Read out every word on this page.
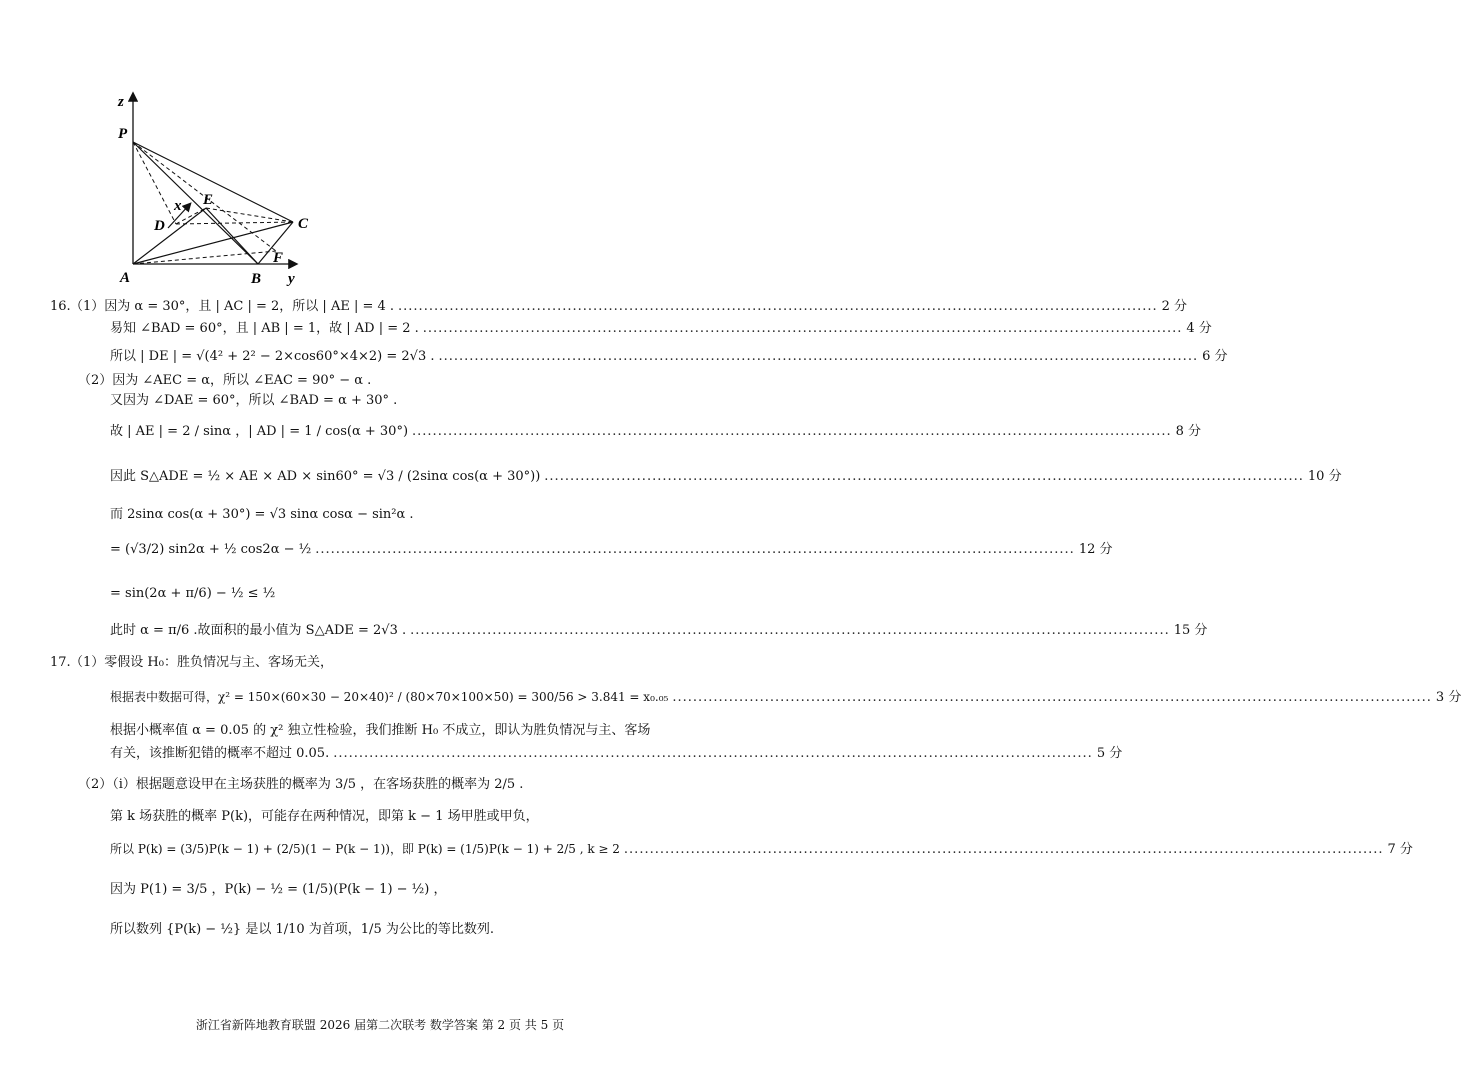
z
P
E
x
D	C
F
A	B y
16. （1）因为 α = 30°，且 | AC | = 2，所以 | AE | = 4 . .................................................................................................................................................... 2 分
易知 ∠BAD = 60°，且 | AB | = 1，故 | AD | = 2 . .................................................................................................................................................... 4 分
所以 | DE | = √(4² + 2² − 2×cos60°×4×2) = 2√3 . .................................................................................................................................................... 6 分
（2）因为 ∠AEC = α，所以 ∠EAC = 90° − α .
又因为 ∠DAE = 60°，所以 ∠BAD = α + 30° .
故 | AE | = 2 / sinα ，| AD | = 1 / cos(α + 30°) .................................................................................................................................................... 8 分
因此 S△ADE = ½ × AE × AD × sin60° = √3 / (2sinα cos(α + 30°)) .................................................................................................................................................... 10 分
而 2sinα cos(α + 30°) = √3 sinα cosα − sin²α .
= (√3/2) sin2α + ½ cos2α − ½ .................................................................................................................................................... 12 分
= sin(2α + π/6) − ½ ≤ ½
此时 α = π/6 .故面积的最小值为 S△ADE = 2√3 . .................................................................................................................................................... 15 分
17. （1）零假设 H₀：胜负情况与主、客场无关，
根据表中数据可得，χ² = 150×(60×30 − 20×40)² / (80×70×100×50) = 300/56 > 3.841 = x₀.₀₅ .................................................................................................................................................... 3 分
根据小概率值 α = 0.05 的 χ² 独立性检验，我们推断 H₀ 不成立，即认为胜负情况与主、客场
有关，该推断犯错的概率不超过 0.05. .................................................................................................................................................... 5 分
（2）（i）根据题意设甲在主场获胜的概率为 3/5 ，在客场获胜的概率为 2/5 .
第 k 场获胜的概率 P(k)，可能存在两种情况，即第 k − 1 场甲胜或甲负，
所以 P(k) = (3/5)P(k − 1) + (2/5)(1 − P(k − 1))，即 P(k) = (1/5)P(k − 1) + 2/5 , k ≥ 2 .................................................................................................................................................... 7 分
因为 P(1) = 3/5 ，P(k) − ½ = (1/5)(P(k − 1) − ½) ，
所以数列 {P(k) − ½} 是以 1/10 为首项，1/5 为公比的等比数列.
浙江省新阵地教育联盟 2026 届第二次联考 数学答案 第 2 页 共 5 页
